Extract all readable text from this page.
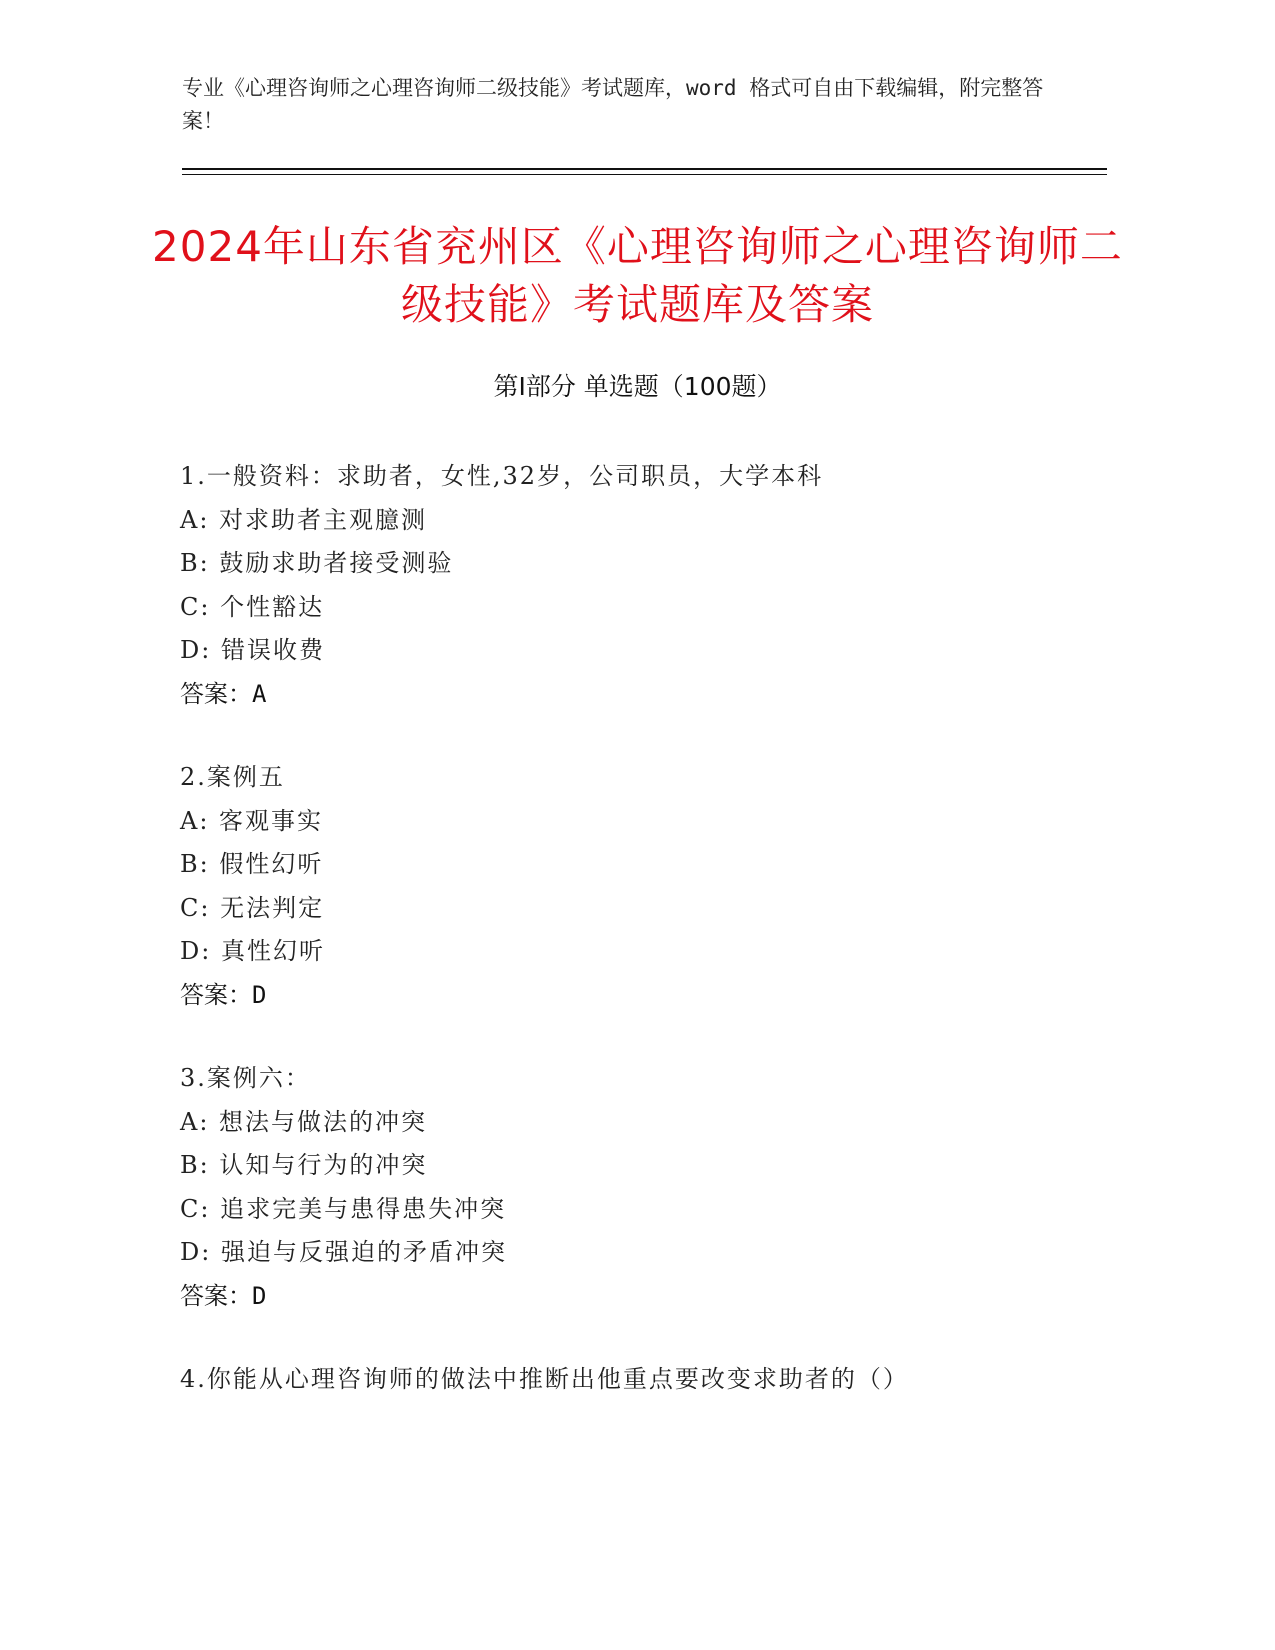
专业《心理咨询师之心理咨询师二级技能》考试题库，word 格式可自由下载编辑，附完整答案！
2024年山东省兖州区《心理咨询师之心理咨询师二级技能》考试题库及答案
第Ⅰ部分 单选题（100题）
1.一般资料：求助者，女性,32岁，公司职员，大学本科
A: 对求助者主观臆测
B: 鼓励求助者接受测验
C: 个性豁达
D: 错误收费
答案：A
2.案例五
A: 客观事实
B: 假性幻听
C: 无法判定
D: 真性幻听
答案：D
3.案例六：
A: 想法与做法的冲突
B: 认知与行为的冲突
C: 追求完美与患得患失冲突
D: 强迫与反强迫的矛盾冲突
答案：D
4.你能从心理咨询师的做法中推断出他重点要改变求助者的（）
